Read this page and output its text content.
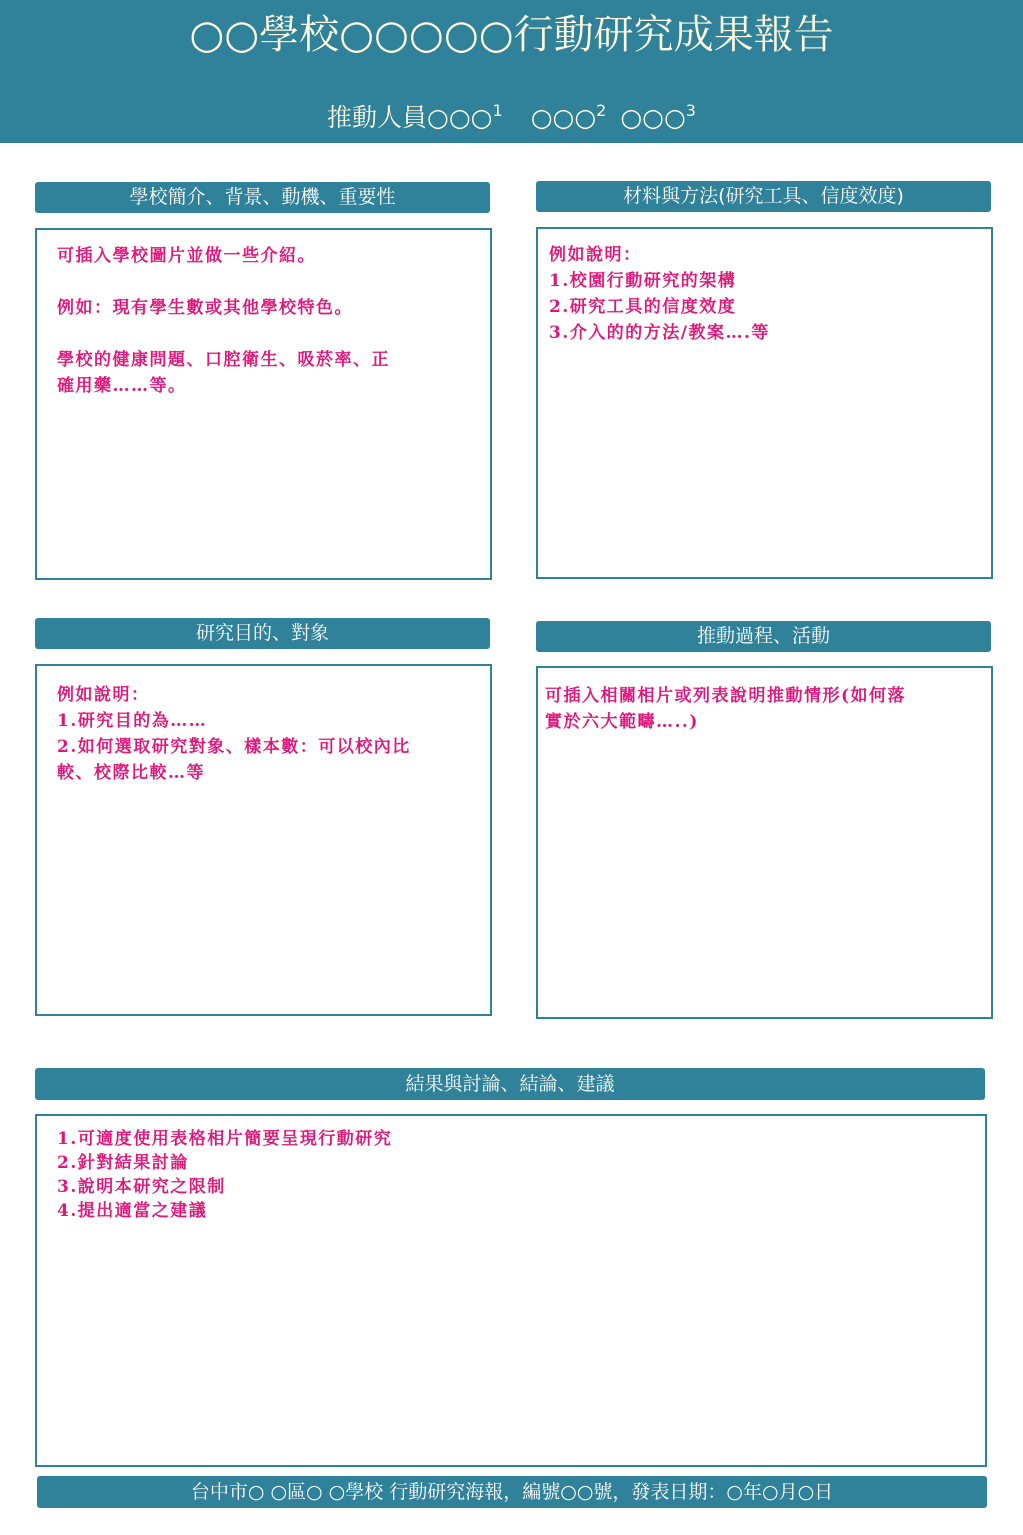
○○學校○○○○○行動研究成果報告
推動人員○○○$^1$ ○○○$^2$ ○○○$^3$
學校簡介、背景、動機、重要性
可插入學校圖片並做一些介紹。
例如：現有學生數或其他學校特色。
學校的健康問題、口腔衛生、吸菸率、正
確用藥……等。
材料與方法(研究工具、信度效度)
例如說明：
1.校園行動研究的架構
2.研究工具的信度效度
3.介入的的方法/教案….等
研究目的、對象
例如說明：
1.研究目的為……
2.如何選取研究對象、樣本數：可以校內比
較、校際比較…等
推動過程、活動
可插入相關相片或列表說明推動情形(如何落
實於六大範疇…..)
結果與討論、結論、建議
1.可適度使用表格相片簡要呈現行動研究
2.針對結果討論
3.說明本研究之限制
4.提出適當之建議
台中市○ ○區○ ○學校 行動研究海報，編號○○號，發表日期：○年○月○日
